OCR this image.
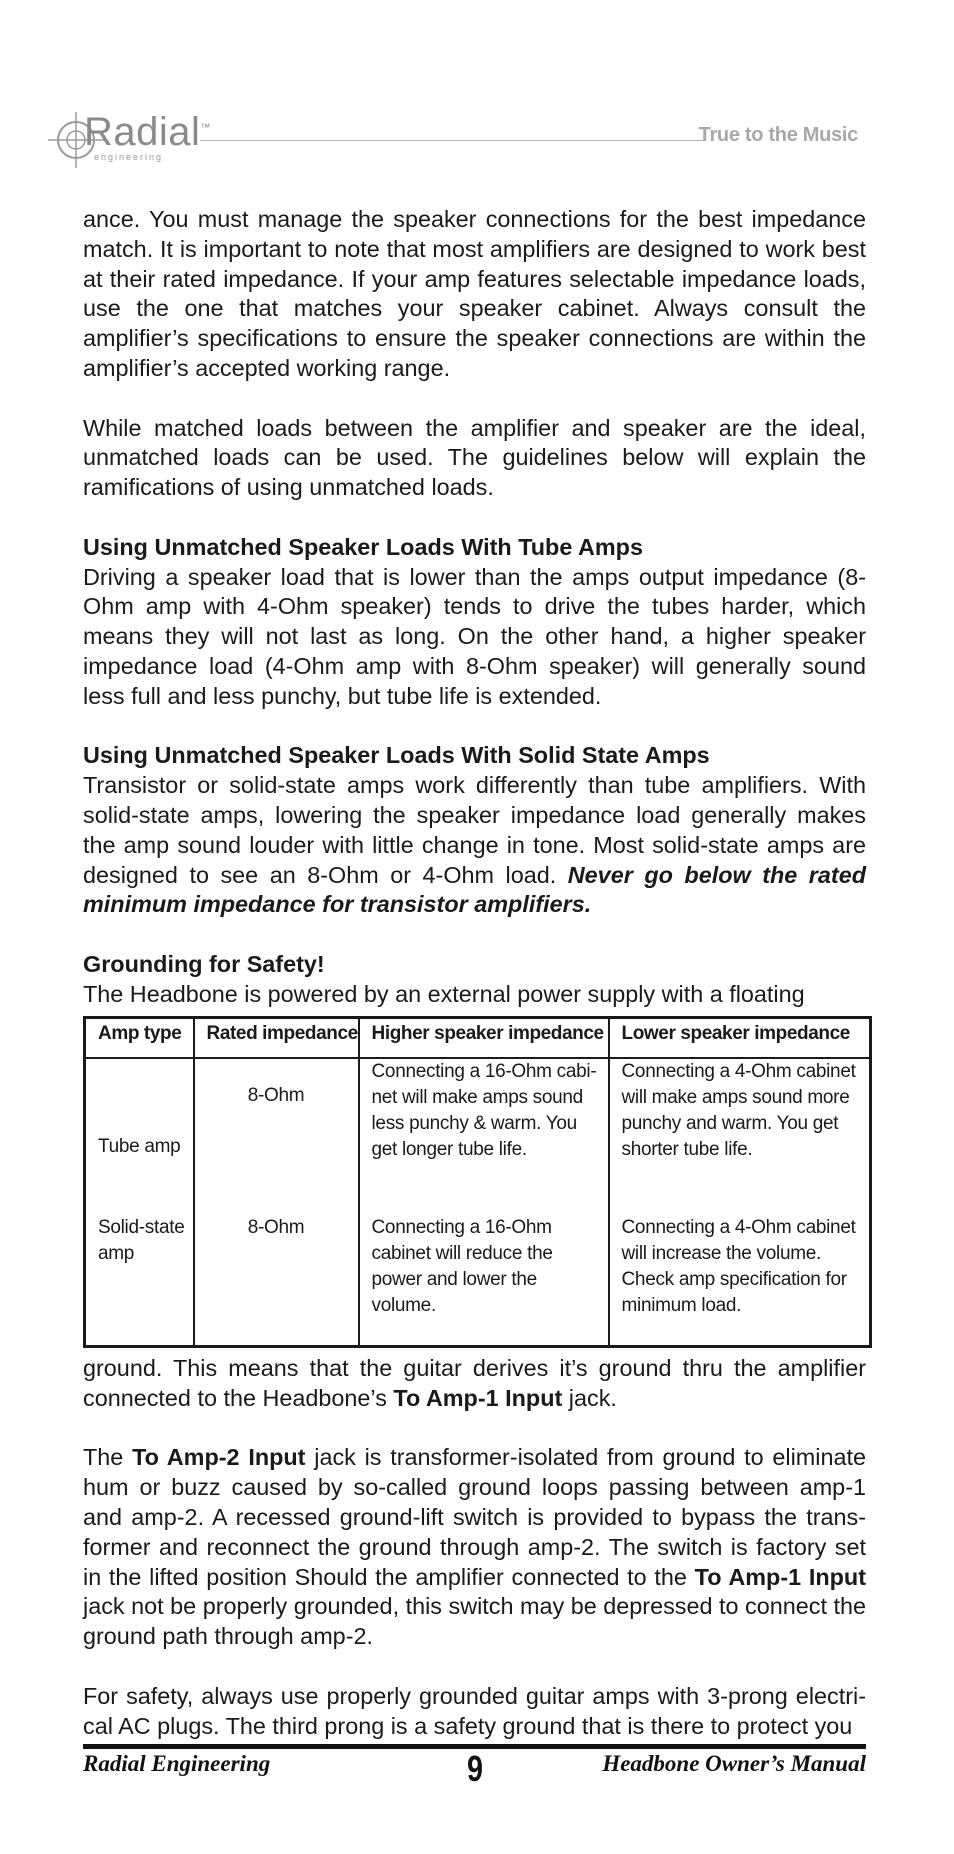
Radial™
engineering
True to the Music

ance. You must manage the speaker connections for the best impedance match. It is important to note that most amplifiers are designed to work best at their rated impedance. If your amp features selectable impedance loads, use the one that matches your speaker cabinet. Always consult the amplifier’s specifications to ensure the speaker connections are within the amplifier’s accepted working range.

While matched loads between the amplifier and speaker are the ideal, unmatched loads can be used. The guidelines below will explain the ramifications of using unmatched loads.

Using Unmatched Speaker Loads With Tube Amps

Driving a speaker load that is lower than the amps output impedance (8-Ohm amp with 4-Ohm speaker) tends to drive the tubes harder, which means they will not last as long. On the other hand, a higher speaker impedance load (4-Ohm amp with 8-Ohm speaker) will generally sound less full and less punchy, but tube life is extended.

Using Unmatched Speaker Loads With Solid State Amps

Transistor or solid-state amps work differently than tube amplifiers. With solid-state amps, lowering the speaker impedance load generally makes the amp sound louder with little change in tone. Most solid-state amps are designed to see an 8-Ohm or 4-Ohm load. Never go below the rated minimum impedance for transistor amplifiers.

Grounding for Safety!

The Headbone is powered by an external power supply with a floating

Amp type	Rated impedance	Higher speaker impedance	Lower speaker impedance
Tube amp	8-Ohm	Connecting a 16-Ohm cabi-net will make amps sound less punchy & warm. You get longer tube life.	Connecting a 4-Ohm cabinet will make amps sound more punchy and warm. You get shorter tube life.
Solid-state amp	8-Ohm	Connecting a 16-Ohm cabinet will reduce the power and lower the volume.	Connecting a 4-Ohm cabinet will increase the volume. Check amp specification for minimum load.

ground. This means that the guitar derives it’s ground thru the amplifier connected to the Headbone’s To Amp-1 Input jack.

The To Amp-2 Input jack is transformer-isolated from ground to eliminate hum or buzz caused by so-called ground loops passing between amp-1 and amp-2. A recessed ground-lift switch is provided to bypass the trans-former and reconnect the ground through amp-2. The switch is factory set in the lifted position Should the amplifier connected to the To Amp-1 Input jack not be properly grounded, this switch may be depressed to connect the ground path through amp-2.

For safety, always use properly grounded guitar amps with 3-prong electri-cal AC plugs. The third prong is a safety ground that is there to protect you

Radial Engineering	9	Headbone Owner’s Manual
